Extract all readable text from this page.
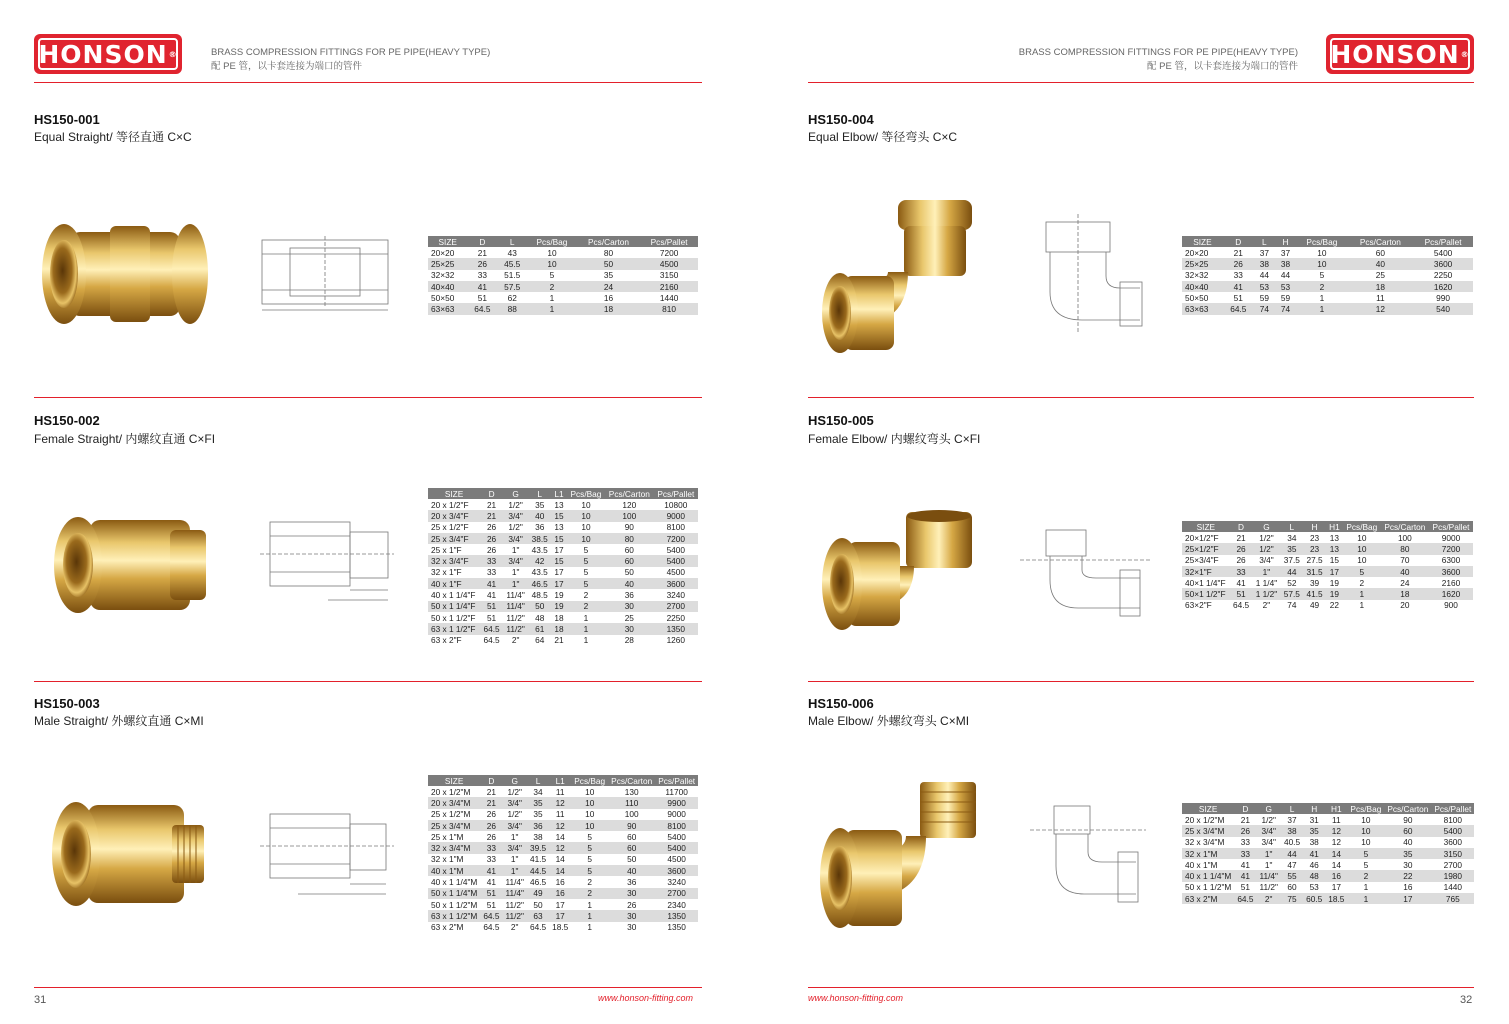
HONSON ®	BRASS COMPRESSION FITTINGS FOR PE PIPE(HEAVY TYPE)
配 PE 管，以卡套连接为端口的管件
BRASS COMPRESSION FITTINGS FOR PE PIPE(HEAVY TYPE)
配 PE 管，以卡套连接为端口的管件 HONSON ®
HS150-001
Equal Straight/ 等径直通 C×C
SIZE	D	L	Pcs/Bag	Pcs/Carton	Pcs/Pallet
20×20	21	43	10	80	7200
25×25	26	45.5	10	50	4500
32×32	33	51.5	5	35	3150
40×40	41	57.5	2	24	2160
50×50	51	62	1	16	1440
63×63	64.5	88	1	18	810
HS150-002
Female Straight/ 内螺纹直通 C×FI
SIZE	D	G	L	L1	Pcs/Bag	Pcs/Carton	Pcs/Pallet
20 x 1/2"F	21	1/2"	35	13	10	120	10800
20 x 3/4"F	21	3/4"	40	15	10	100	9000
25 x 1/2"F	26	1/2"	36	13	10	90	8100
25 x 3/4"F	26	3/4"	38.5	15	10	80	7200
25 x 1"F	26	1"	43.5	17	5	60	5400
32 x 3/4"F	33	3/4"	42	15	5	60	5400
32 x 1"F	33	1"	43.5	17	5	50	4500
40 x 1"F	41	1"	46.5	17	5	40	3600
40 x 1 1/4"F	41	11/4"	48.5	19	2	36	3240
50 x 1 1/4"F	51	11/4"	50	19	2	30	2700
50 x 1 1/2"F	51	11/2"	48	18	1	25	2250
63 x 1 1/2"F	64.5	11/2"	61	18	1	30	1350
63 x 2"F	64.5	2"	64	21	1	28	1260
HS150-003
Male Straight/ 外螺纹直通 C×MI
SIZE	D	G	L	L1	Pcs/Bag	Pcs/Carton	Pcs/Pallet
20 x 1/2"M	21	1/2"	34	11	10	130	11700
20 x 3/4"M	21	3/4"	35	12	10	110	9900
25 x 1/2"M	26	1/2"	35	11	10	100	9000
25 x 3/4"M	26	3/4"	36	12	10	90	8100
25 x 1"M	26	1"	38	14	5	60	5400
32 x 3/4"M	33	3/4"	39.5	12	5	60	5400
32 x 1"M	33	1"	41.5	14	5	50	4500
40 x 1"M	41	1"	44.5	14	5	40	3600
40 x 1 1/4"M	41	11/4"	46.5	16	2	36	3240
50 x 1 1/4"M	51	11/4"	49	16	2	30	2700
50 x 1 1/2"M	51	11/2"	50	17	1	26	2340
63 x 1 1/2"M	64.5	11/2"	63	17	1	30	1350
63 x 2"M	64.5	2"	64.5	18.5	1	30	1350
HS150-004
Equal Elbow/ 等径弯头 C×C
SIZE	D	L	H	Pcs/Bag	Pcs/Carton	Pcs/Pallet
20×20	21	37	37	10	60	5400
25×25	26	38	38	10	40	3600
32×32	33	44	44	5	25	2250
40×40	41	53	53	2	18	1620
50×50	51	59	59	1	11	990
63×63	64.5	74	74	1	12	540
HS150-005
Female Elbow/ 内螺纹弯头 C×FI
SIZE	D	G	L	H	H1	Pcs/Bag	Pcs/Carton	Pcs/Pallet
20×1/2"F	21	1/2"	34	23	13	10	100	9000
25×1/2"F	26	1/2"	35	23	13	10	80	7200
25×3/4"F	26	3/4"	37.5	27.5	15	10	70	6300
32×1"F	33	1"	44	31.5	17	5	40	3600
40×1 1/4"F	41	1 1/4"	52	39	19	2	24	2160
50×1 1/2"F	51	1 1/2"	57.5	41.5	19	1	18	1620
63×2"F	64.5	2"	74	49	22	1	20	900
HS150-006
Male Elbow/ 外螺纹弯头 C×MI
SIZE	D	G	L	H	H1	Pcs/Bag	Pcs/Carton	Pcs/Pallet
20 x 1/2"M	21	1/2"	37	31	11	10	90	8100
25 x 3/4"M	26	3/4"	38	35	12	10	60	5400
32 x 3/4"M	33	3/4"	40.5	38	12	10	40	3600
32 x 1"M	33	1"	44	41	14	5	35	3150
40 x 1"M	41	1"	47	46	14	5	30	2700
40 x 1 1/4"M	41	11/4"	55	48	16	2	22	1980
50 x 1 1/2"M	51	11/2"	60	53	17	1	16	1440
63 x 2"M	64.5	2"	75	60.5	18.5	1	17	765
31	www.honson-fitting.com	www.honson-fitting.com	32
